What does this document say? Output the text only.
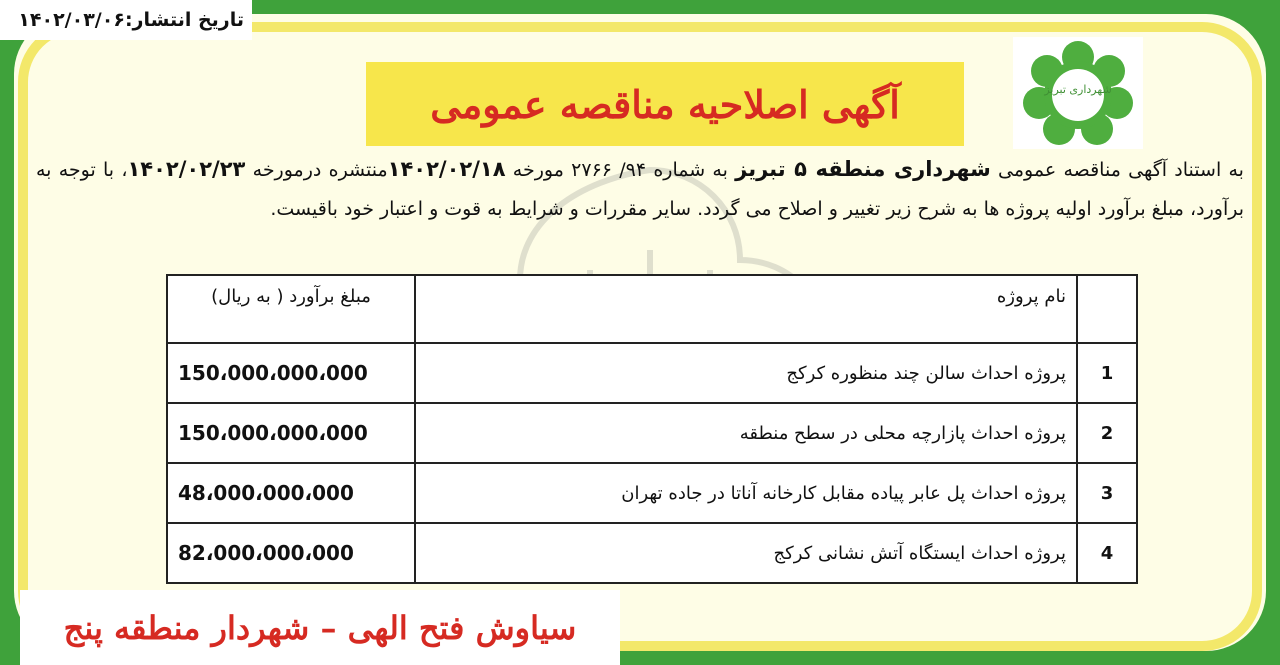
تاریخ انتشار:۱۴۰۲/۰۳/۰۶
شهرداری تبریز
آگهی اصلاحیه مناقصه عمومی
به استناد آگهی مناقصه عمومی شهرداری منطقه ۵ تبریز به شماره ۹۴/ ۲۷۶۶ مورخه ۱۴۰۲/۰۲/۱۸منتشره درمورخه ۱۴۰۲/۰۲/۲۳، با توجه به برآورد، مبلغ برآورد اولیه پروژه ها به شرح زیر تغییر و اصلاح می گردد. سایر مقررات و شرایط به قوت و اعتبار خود باقیست.
	نام پروژه	مبلغ برآورد ( به ریال)
1	پروژه احداث سالن چند منظوره کرکج	150،000،000،000
2	پروژه احداث پازارچه محلی در سطح منطقه	150،000،000،000
3	پروژه احداث پل عابر پیاده مقابل کارخانه آناتا در جاده تهران	48،000،000،000
4	پروژه احداث ایستگاه آتش نشانی کرکج	82،000،000،000
سیاوش فتح الهی – شهردار منطقه پنج
